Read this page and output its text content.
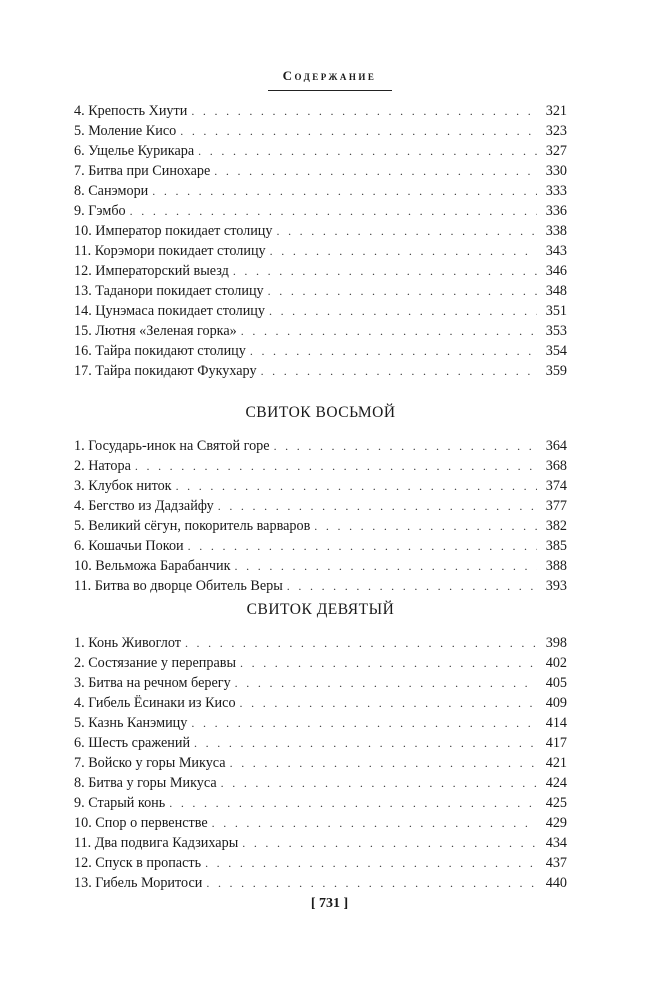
Содержание
4. Крепость Хиути . . .	321
5. Моление Кисо . . .	323
6. Ущелье Курикара . . .	327
7. Битва при Синохаре . . .	330
8. Санэмори . . .	333
9. Гэмбо . . .	336
10. Император покидает столицу . . .	338
11. Корэмори покидает столицу . . .	343
12. Императорский выезд . . .	346
13. Таданори покидает столицу . . .	348
14. Цунэмаса покидает столицу . . .	351
15. Лютня «Зеленая горка» . . .	353
16. Тайра покидают столицу . . .	354
17. Тайра покидают Фукухару . . .	359
СВИТОК ВОСЬМОЙ
1. Государь-инок на Святой горе . . .	364
2. Натора . . .	368
3. Клубок ниток . . .	374
4. Бегство из Дадзайфу . . .	377
5. Великий сёгун, покоритель варваров . . .	382
6. Кошачьи Покои . . .	385
10. Вельможа Барабанчик . . .	388
11. Битва во дворце Обитель Веры . . .	393
СВИТОК ДЕВЯТЫЙ
1. Конь Живоглот . . .	398
2. Состязание у переправы . . .	402
3. Битва на речном берегу . . .	405
4. Гибель Ёсинаки из Кисо . . .	409
5. Казнь Канэмицу . . .	414
6. Шесть сражений . . .	417
7. Войско у горы Микуса . . .	421
8. Битва у горы Микуса . . .	424
9. Старый конь . . .	425
10. Спор о первенстве . . .	429
11. Два подвига Кадзихары . . .	434
12. Спуск в пропасть . . .	437
13. Гибель Моритоси . . .	440
[ 731 ]
